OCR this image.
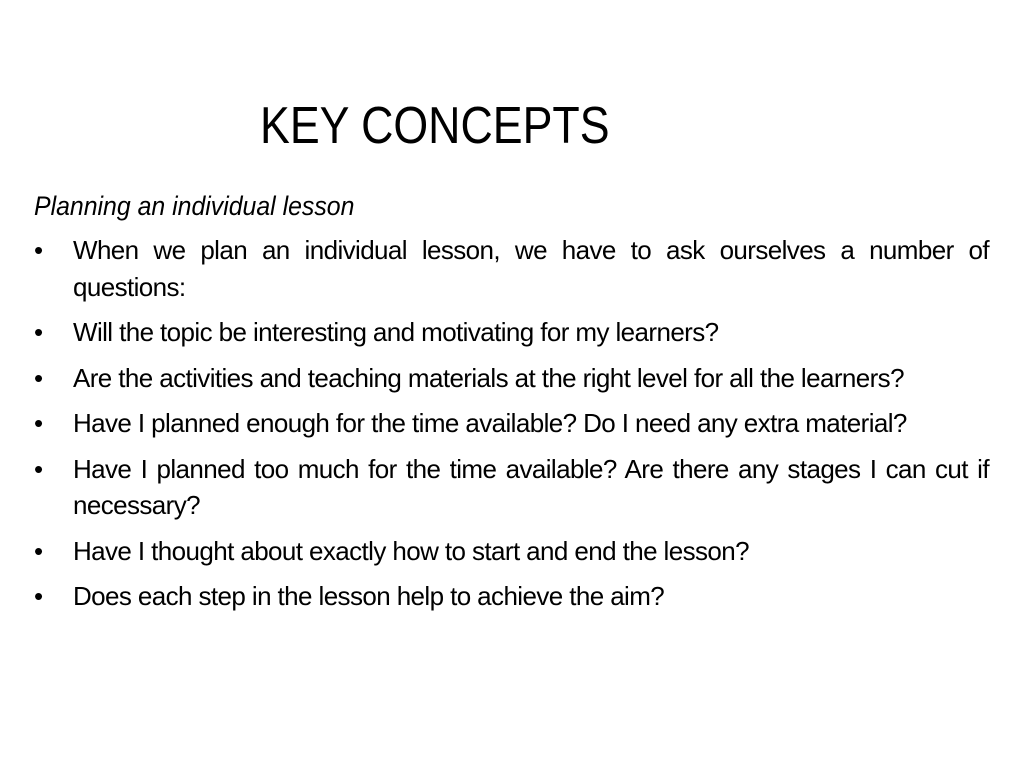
KEY CONCEPTS
Planning an individual lesson
•	When we plan an individual lesson, we have to ask ourselves a number of questions:
•	Will the topic be interesting and motivating for my learners?
•	Are the activities and teaching materials at the right level for all the learners?
•	Have I planned enough for the time available? Do I need any extra material?
•	Have I planned too much for the time available? Are there any stages I can cut if necessary?
•	Have I thought about exactly how to start and end the lesson?
•	Does each step in the lesson help to achieve the aim?
